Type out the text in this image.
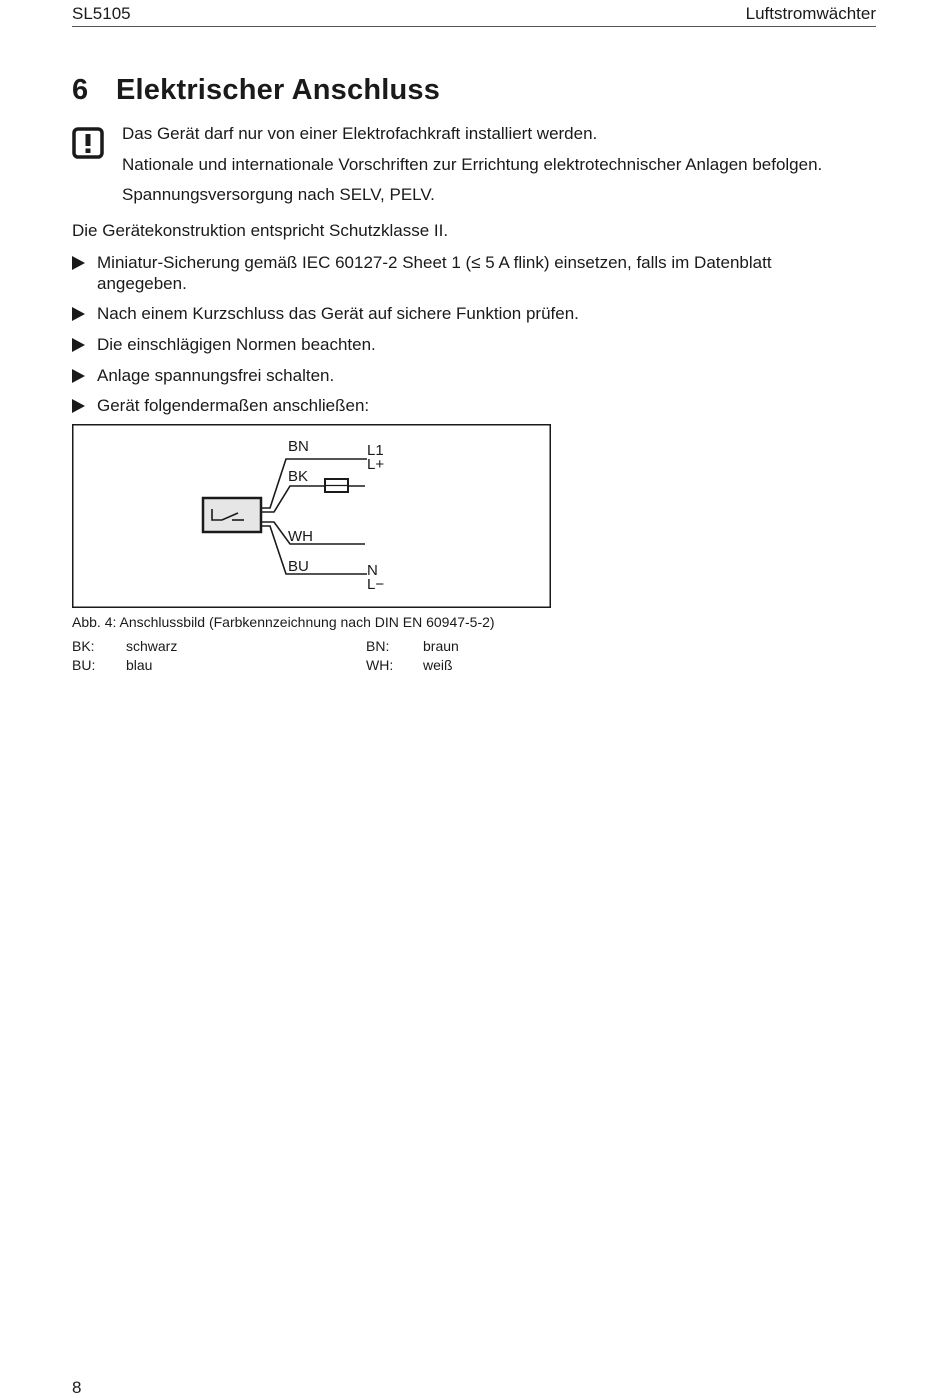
SL5105	Luftstromwächter
6 Elektrischer Anschluss
Das Gerät darf nur von einer Elektrofachkraft installiert werden.
Nationale und internationale Vorschriften zur Errichtung elektrotechnischer Anlagen befolgen.
Spannungsversorgung nach SELV, PELV.
Die Gerätekonstruktion entspricht Schutzklasse II.
Miniatur-Sicherung gemäß IEC 60127-2 Sheet 1 (≤ 5 A flink) einsetzen, falls im Datenblatt angegeben.
Nach einem Kurzschluss das Gerät auf sichere Funktion prüfen.
Die einschlägigen Normen beachten.
Anlage spannungsfrei schalten.
Gerät folgendermaßen anschließen:
BN
BK
WH
BU
L1
L+
N
L−
Abb. 4: Anschlussbild (Farbkennzeichnung nach DIN EN 60947-5-2)
BK: schwarz	BN: braun
BU: blau	WH: weiß
8
